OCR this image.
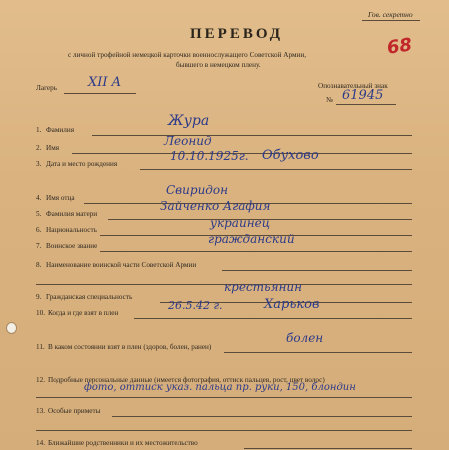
Гов. секретно
ПЕРЕВОД
с личной трофейной немецкой карточки военнослужащего Советской Армии,
бывшего в немецком плену.
68
Лагерь XII A	Опознавательный знак
№ 61945
1. Фамилия
Жура
2. Имя	Леонид
3. Дата и место рождения
10.10.1925г. Обухово
4. Имя отца
Свиридон
5. Фамилия матери
Зайченко Агафия
6. Национальность	украинец
7. Воинское звание	гражданский
8. Наименование воинской части Советской Армии
9. Гражданская специальность
крестьянин
10. Когда и где взят в плен
26.5.42 г.	Харьков
11. В каком состоянии взят в плен (здоров, болен, ранен)
болен
12. Подробные персональные данные (имеется фотография, оттиск пальцев, рост, цвет волос)
фото, оттиск указ. пальца пр. руки, 150, блондин
13. Особые приметы
14. Ближайшие родственники и их местожительство
